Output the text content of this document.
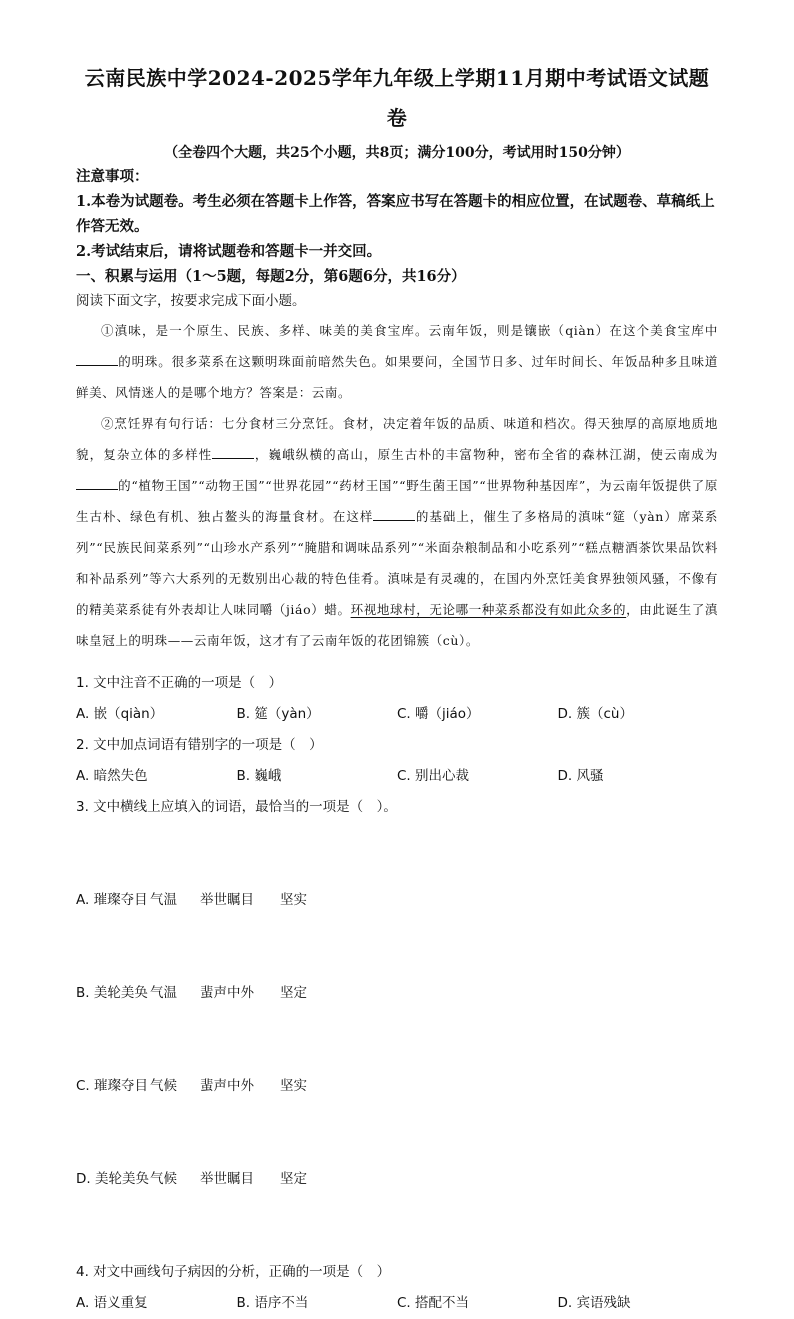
云南民族中学2024-2025学年九年级上学期11月期中考试语文试题
卷
（全卷四个大题，共25个小题，共8页；满分100分，考试用时150分钟）
注意事项：
1.本卷为试题卷。考生必须在答题卡上作答，答案应书写在答题卡的相应位置，在试题卷、草稿纸上作答无效。
2.考试结束后，请将试题卷和答题卡一并交回。
一、积累与运用（1～5题，每题2分，第6题6分，共16分）
阅读下面文字，按要求完成下面小题。

①滇味，是一个原生、民族、多样、味美的美食宝库。云南年饭，则是镶嵌（qiàn）在这个美食宝库中的明珠。很多菜系在这颗明珠面前暗然失色。如果要问，全国节日多、过年时间长、年饭品种多且味道鲜美、风情迷人的是哪个地方？答案是：云南。

②烹饪界有句行话：七分食材三分烹饪。食材，决定着年饭的品质、味道和档次。得天独厚的高原地质地貌，复杂立体的多样性	，巍峨纵横的高山，原生古朴的丰富物种，密布全省的森林江湖，使云南成为的“植物王国”“动物王国”“世界花园”“药材王国”“野生菌王国”“世界物种基因库”，为云南年饭提供了原生古朴、绿色有机、独占鳌头的海量食材。在这样	的基础上，催生了多格局的滇味“筵（yàn）席菜系列”“民族民间菜系列”“山珍水产系列”“腌腊和调味品系列”“米面杂粮制品和小吃系列”“糕点糖酒茶饮果品饮料和补品系列”等六大系列的无数别出心裁的特色佳肴。滇味是有灵魂的，在国内外烹饪美食界独领风骚，不像有的精美菜系徒有外表却让人味同嚼（jiáo）蜡。环视地球村，无论哪一种菜系都没有如此众多的，由此诞生了滇味皇冠上的明珠——云南年饭，这才有了云南年饭的花团锦簇（cù）。

1. 文中注音不正确的一项是（　）

A. 嵌（qiàn）	B. 筵（yàn）	C. 嚼（jiáo）	D. 簇（cù）

2. 文中加点词语有错别字的一项是（　）

A. 暗然失色	B. 巍峨	C. 别出心裁	D. 风骚

3. 文中横线上应填入的词语，最恰当的一项是（　）。

A. 璀璨夺目 气温 举世瞩目 坚实

B. 美轮美奂 气温 蜚声中外 坚定

C. 璀璨夺目 气候 蜚声中外 坚实

D. 美轮美奂气候 举世瞩目 坚定

4. 对文中画线句子病因的分析，正确的一项是（　）

A. 语义重复	B. 语序不当	C. 搭配不当	D. 宾语残缺
